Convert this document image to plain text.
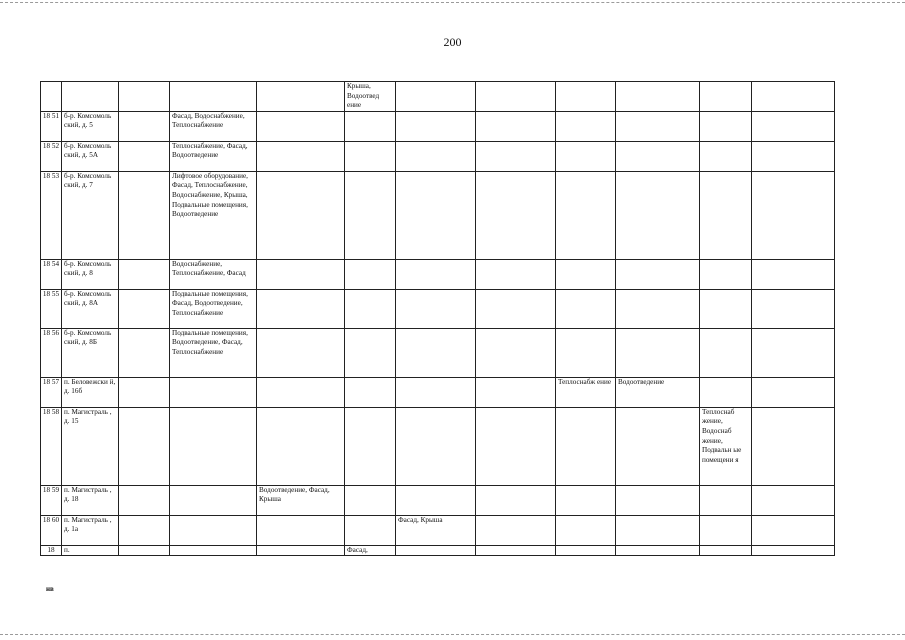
200
					Крыша, Водоотвед ение						
18 51	б-р. Комсомоль ский, д. 5		Фасад, Водоснабжение, Теплоснабжение								
18 52	б-р. Комсомоль ский, д. 5А		Теплоснабжение, Фасад, Водоотведение								
18 53	б-р. Комсомоль ский, д. 7		Лифтовое оборудование, Фасад, Теплоснабжение, Водоснабжение, Крыша, Подвальные помещения, Водоотведение								
18 54	б-р. Комсомоль ский, д. 8		Водоснабжение, Теплоснабжение, Фасад								
18 55	б-р. Комсомоль ский, д. 8А		Подвальные помещения, Фасад, Водоотведение, Теплоснабжение								
18 56	б-р. Комсомоль ский, д. 8Б		Подвальные помещения, Водоотведение, Фасад, Теплоснабжение								
18 57	п. Беловежски й, д. 16б							Теплоснабж ение	Водоотведение		
18 58	п. Магистраль , д. 15									Теплоснаб жение, Водоснаб жение, Подвальн ые помещени я	
18 59	п. Магистраль , д. 18			Водоотведение, Фасад, Крыша							
18 60	п. Магистраль , д. 1а					Фасад, Крыша					
18	п.				Фасад,						
нв
